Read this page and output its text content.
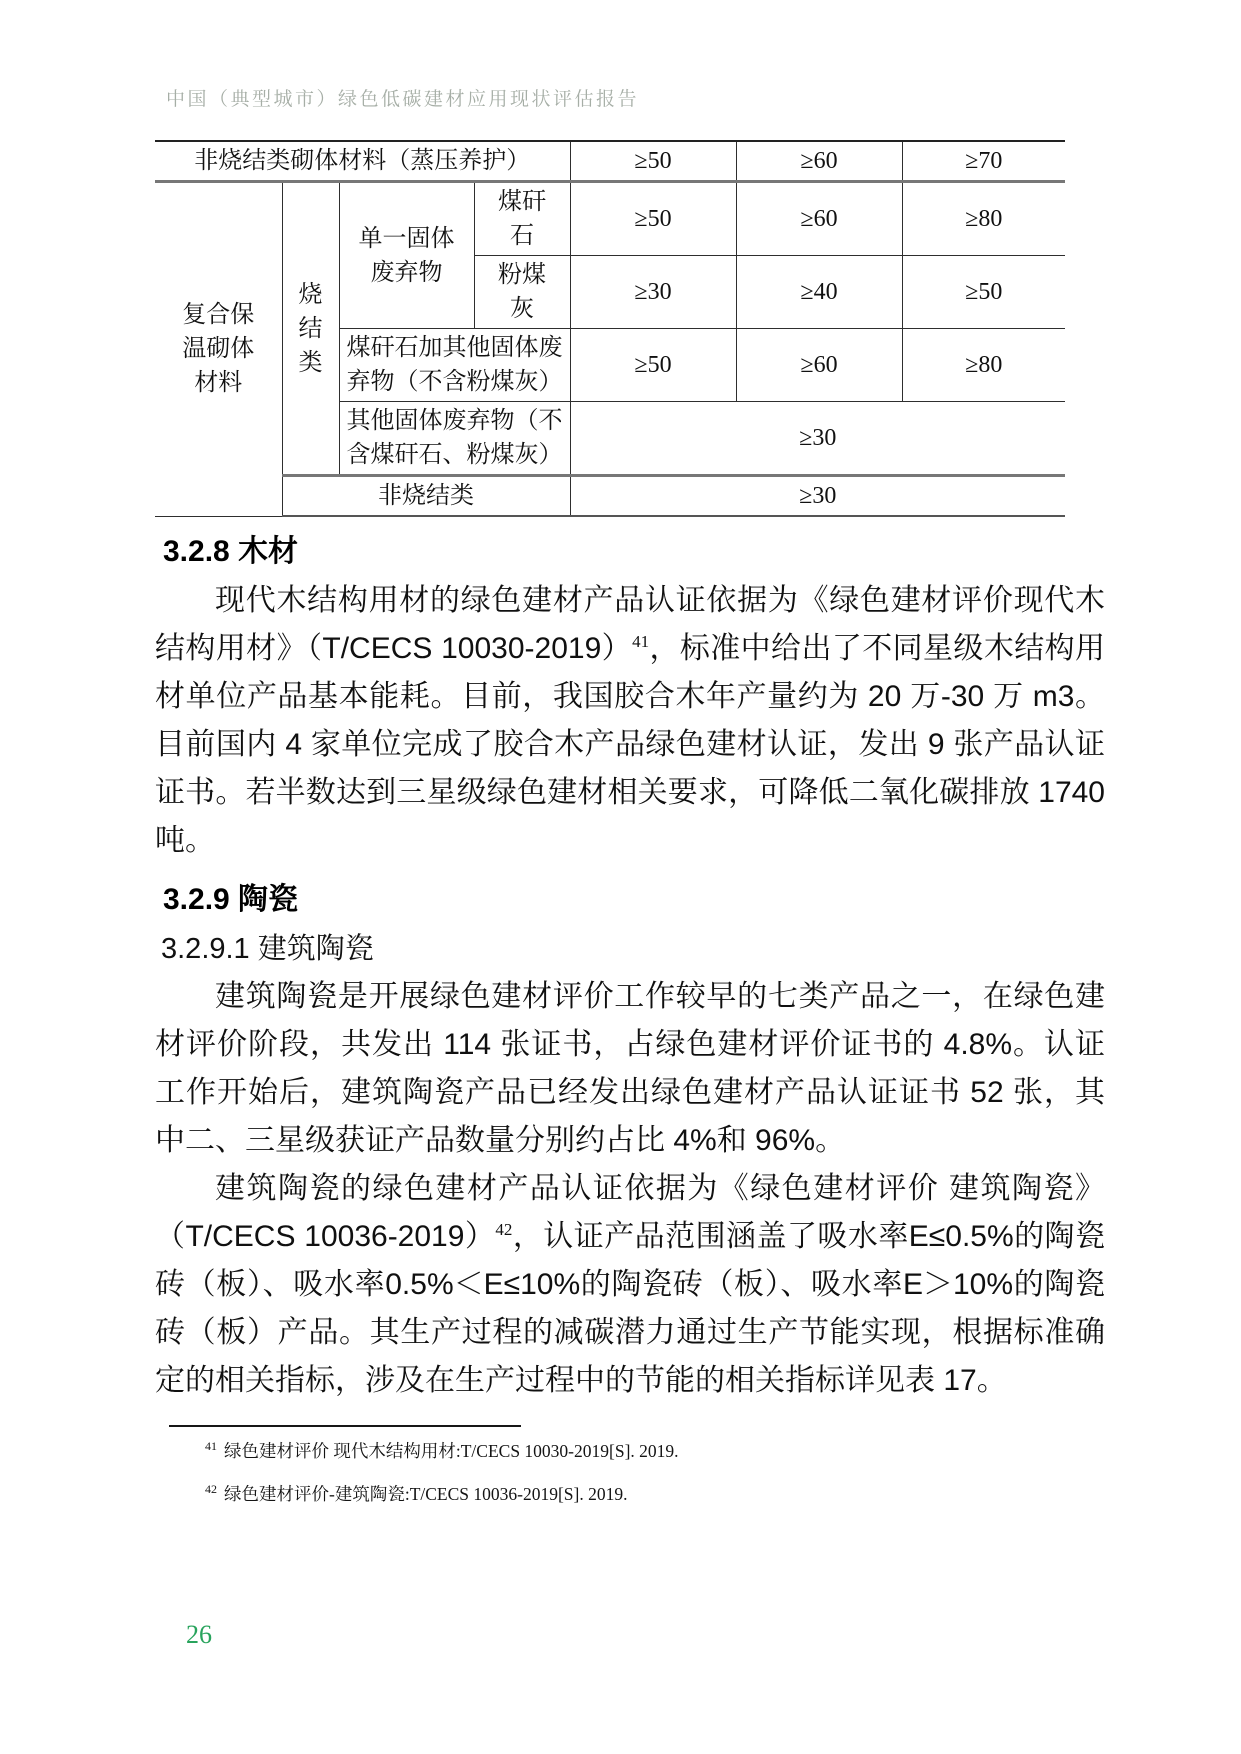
中国（典型城市）绿色低碳建材应用现状评估报告
非烧结类砌体材料（蒸压养护）				≥50	≥60	≥70
复合保温砌体材料	烧结类	单一固体废弃物	煤矸石	≥50	≥60	≥80
			粉煤灰	≥30	≥40	≥50
		煤矸石加其他固体废弃物（不含粉煤灰）		≥50	≥60	≥80
		其他固体废弃物（不含煤矸石、粉煤灰）		≥30		
	非烧结类			≥30		
3.2.8 木材

现代木结构用材的绿色建材产品认证依据为《绿色建材评价现代木结构用材》（T/CECS 10030-2019）$^{41}$，标准中给出了不同星级木结构用材单位产品基本能耗。目前，我国胶合木年产量约为 20 万-30 万 m3。目前国内 4 家单位完成了胶合木产品绿色建材认证，发出 9 张产品认证证书。若半数达到三星级绿色建材相关要求，可降低二氧化碳排放 1740 吨。

3.2.9 陶瓷
3.2.9.1 建筑陶瓷

建筑陶瓷是开展绿色建材评价工作较早的七类产品之一，在绿色建材评价阶段，共发出 114 张证书，占绿色建材评价证书的 4.8%。认证工作开始后，建筑陶瓷产品已经发出绿色建材产品认证证书 52 张，其中二、三星级获证产品数量分别约占比 4%和 96%。

建筑陶瓷的绿色建材产品认证依据为《绿色建材评价 建筑陶瓷》（T/CECS 10036-2019）$^{42}$，认证产品范围涵盖了吸水率E≤0.5%的陶瓷砖（板）、吸水率0.5%＜E≤10%的陶瓷砖（板）、吸水率E＞10%的陶瓷砖（板）产品。其生产过程的减碳潜力通过生产节能实现，根据标准确定的相关指标，涉及在生产过程中的节能的相关指标详见表 17。

$^{41}$ 绿色建材评价 现代木结构用材:T/CECS 10030-2019[S]. 2019.
$^{42}$ 绿色建材评价-建筑陶瓷:T/CECS 10036-2019[S]. 2019.
26
